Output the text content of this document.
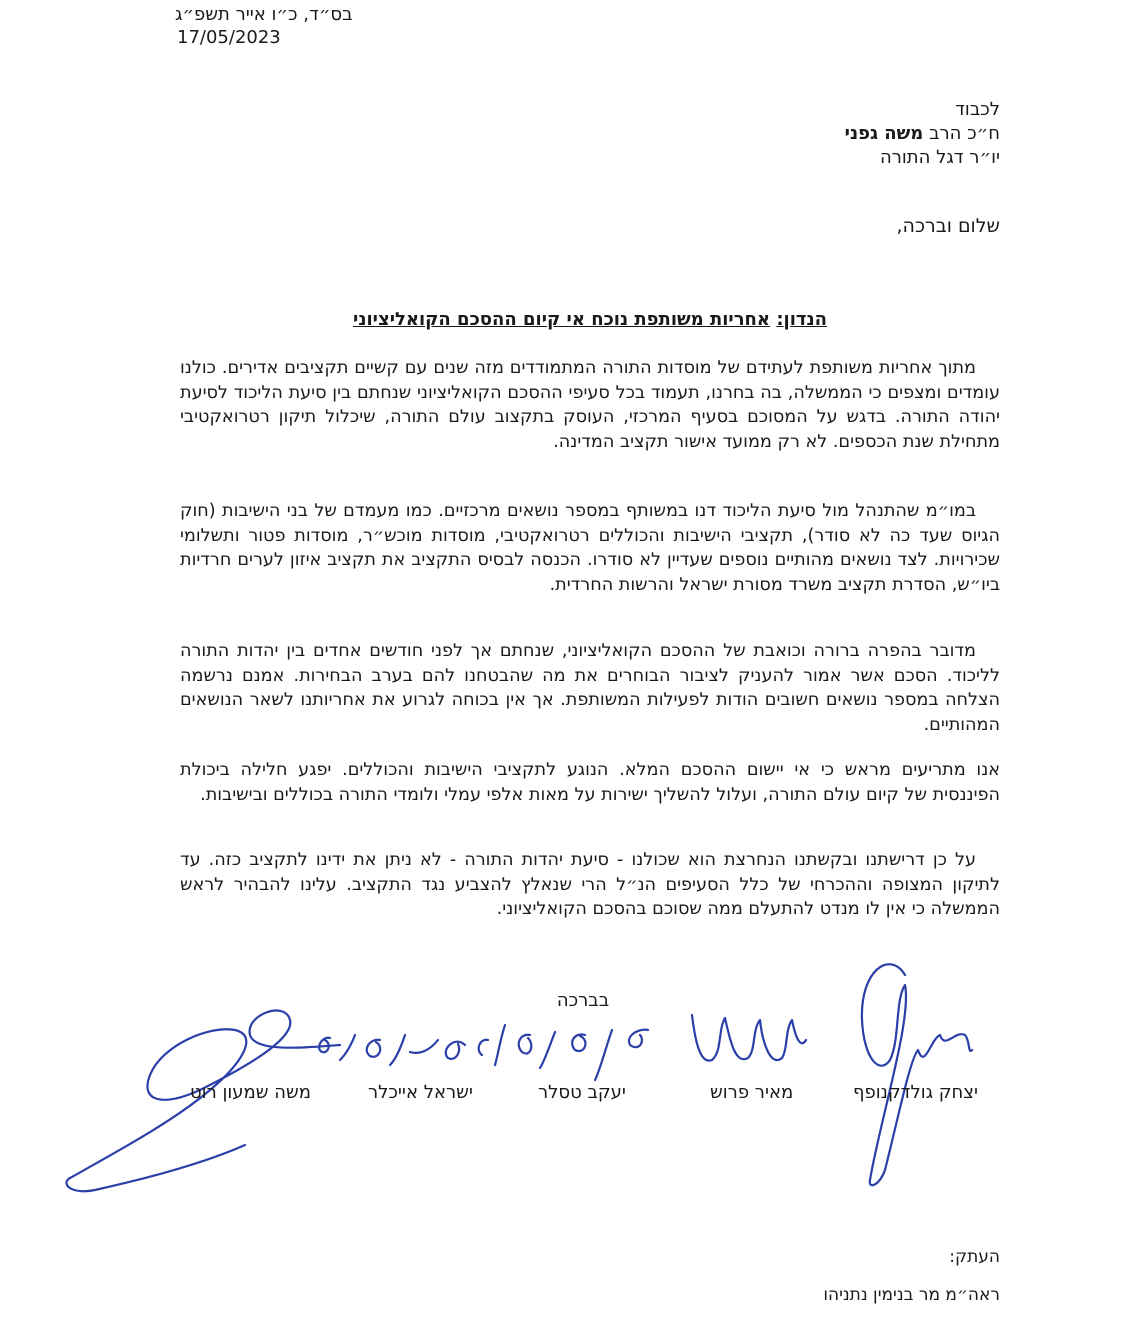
בס״ד, כ״ו אייר תשפ״ג
17/05/2023
לכבוד
ח״כ הרב משה גפני
יו״ר דגל התורה
שלום וברכה,
הנדון: אחריות משותפת נוכח אי קיום ההסכם הקואליציוני
מתוך אחריות משותפת לעתידם של מוסדות התורה המתמודדים מזה שנים עם קשיים תקציבים אדירים. כולנו עומדים ומצפים כי הממשלה, בה בחרנו, תעמוד בכל סעיפי ההסכם הקואליציוני שנחתם בין סיעת הליכוד לסיעת יהודה התורה. בדגש על המסוכם בסעיף המרכזי, העוסק בתקצוב עולם התורה, שיכלול תיקון רטרואקטיבי מתחילת שנת הכספים. לא רק ממועד אישור תקציב המדינה.
במו״מ שהתנהל מול סיעת הליכוד דנו במשותף במספר נושאים מרכזיים. כמו מעמדם של בני הישיבות (חוק הגיוס שעד כה לא סודר), תקציבי הישיבות והכוללים רטרואקטיבי, מוסדות מוכש״ר, מוסדות פטור ותשלומי שכירויות. לצד נושאים מהותיים נוספים שעדיין לא סודרו. הכנסה לבסיס התקציב את תקציב איזון לערים חרדיות ביו״ש, הסדרת תקציב משרד מסורת ישראל והרשות החרדית.
מדובר בהפרה ברורה וכואבת של ההסכם הקואליציוני, שנחתם אך לפני חודשים אחדים בין יהדות התורה לליכוד. הסכם אשר אמור להעניק לציבור הבוחרים את מה שהבטחנו להם בערב הבחירות. אמנם נרשמה הצלחה במספר נושאים חשובים הודות לפעילות המשותפת. אך אין בכוחה לגרוע את אחריותנו לשאר הנושאים המהותיים.
אנו מתריעים מראש כי אי יישום ההסכם המלא. הנוגע לתקציבי הישיבות והכוללים. יפגע חלילה ביכולת הפיננסית של קיום עולם התורה, ועלול להשליך ישירות על מאות אלפי עמלי ולומדי התורה בכוללים ובישיבות.
על כן דרישתנו ובקשתנו הנחרצת הוא שכולנו - סיעת יהדות התורה - לא ניתן את ידינו לתקציב כזה. עד לתיקון המצופה וההכרחי של כלל הסעיפים הנ״ל הרי שנאלץ להצביע נגד התקציב. עלינו להבהיר לראש הממשלה כי אין לו מנדט להתעלם ממה שסוכם בהסכם הקואליציוני.
בברכה
יצחק גולדקנופף
מאיר פרוש
יעקב טסלר
ישראל אייכלר
משה שמעון רוט
העתק:
ראה״מ מר בנימין נתניהו
